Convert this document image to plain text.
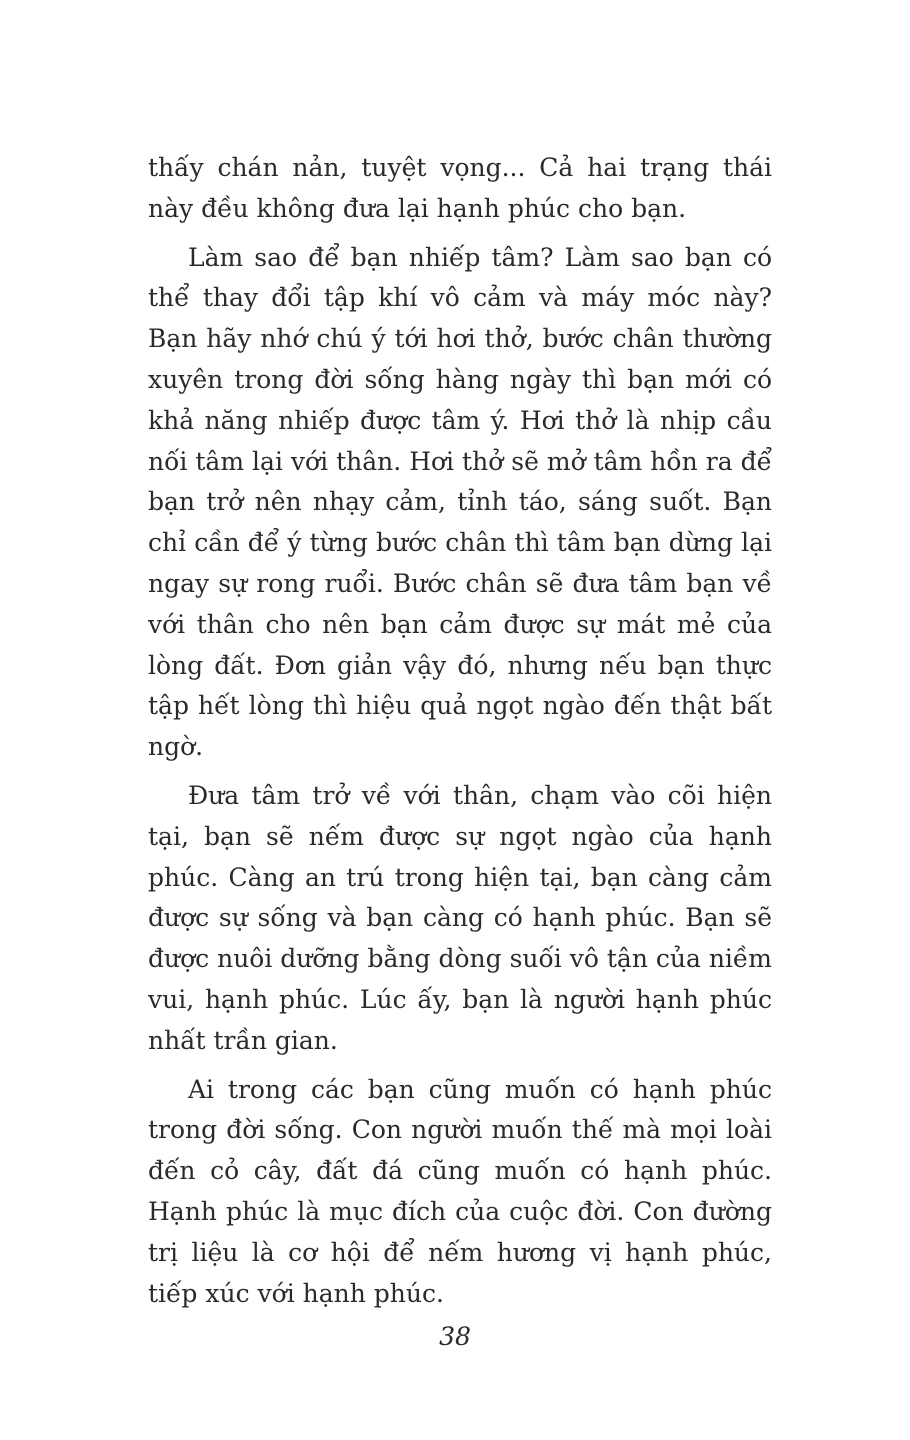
thấy chán nản, tuyệt vọng... Cả hai trạng thái này đều không đưa lại hạnh phúc cho bạn.

Làm sao để bạn nhiếp tâm? Làm sao bạn có thể thay đổi tập khí vô cảm và máy móc này? Bạn hãy nhớ chú ý tới hơi thở, bước chân thường xuyên trong đời sống hàng ngày thì bạn mới có khả năng nhiếp được tâm ý. Hơi thở là nhịp cầu nối tâm lại với thân. Hơi thở sẽ mở tâm hồn ra để bạn trở nên nhạy cảm, tỉnh táo, sáng suốt. Bạn chỉ cần để ý từng bước chân thì tâm bạn dừng lại ngay sự rong ruổi. Bước chân sẽ đưa tâm bạn về với thân cho nên bạn cảm được sự mát mẻ của lòng đất. Đơn giản vậy đó, nhưng nếu bạn thực tập hết lòng thì hiệu quả ngọt ngào đến thật bất ngờ.

Đưa tâm trở về với thân, chạm vào cõi hiện tại, bạn sẽ nếm được sự ngọt ngào của hạnh phúc. Càng an trú trong hiện tại, bạn càng cảm được sự sống và bạn càng có hạnh phúc. Bạn sẽ được nuôi dưỡng bằng dòng suối vô tận của niềm vui, hạnh phúc. Lúc ấy, bạn là người hạnh phúc nhất trần gian.

Ai trong các bạn cũng muốn có hạnh phúc trong đời sống. Con người muốn thế mà mọi loài đến cỏ cây, đất đá cũng muốn có hạnh phúc. Hạnh phúc là mục đích của cuộc đời. Con đường trị liệu là cơ hội để nếm hương vị hạnh phúc, tiếp xúc với hạnh phúc.

38
